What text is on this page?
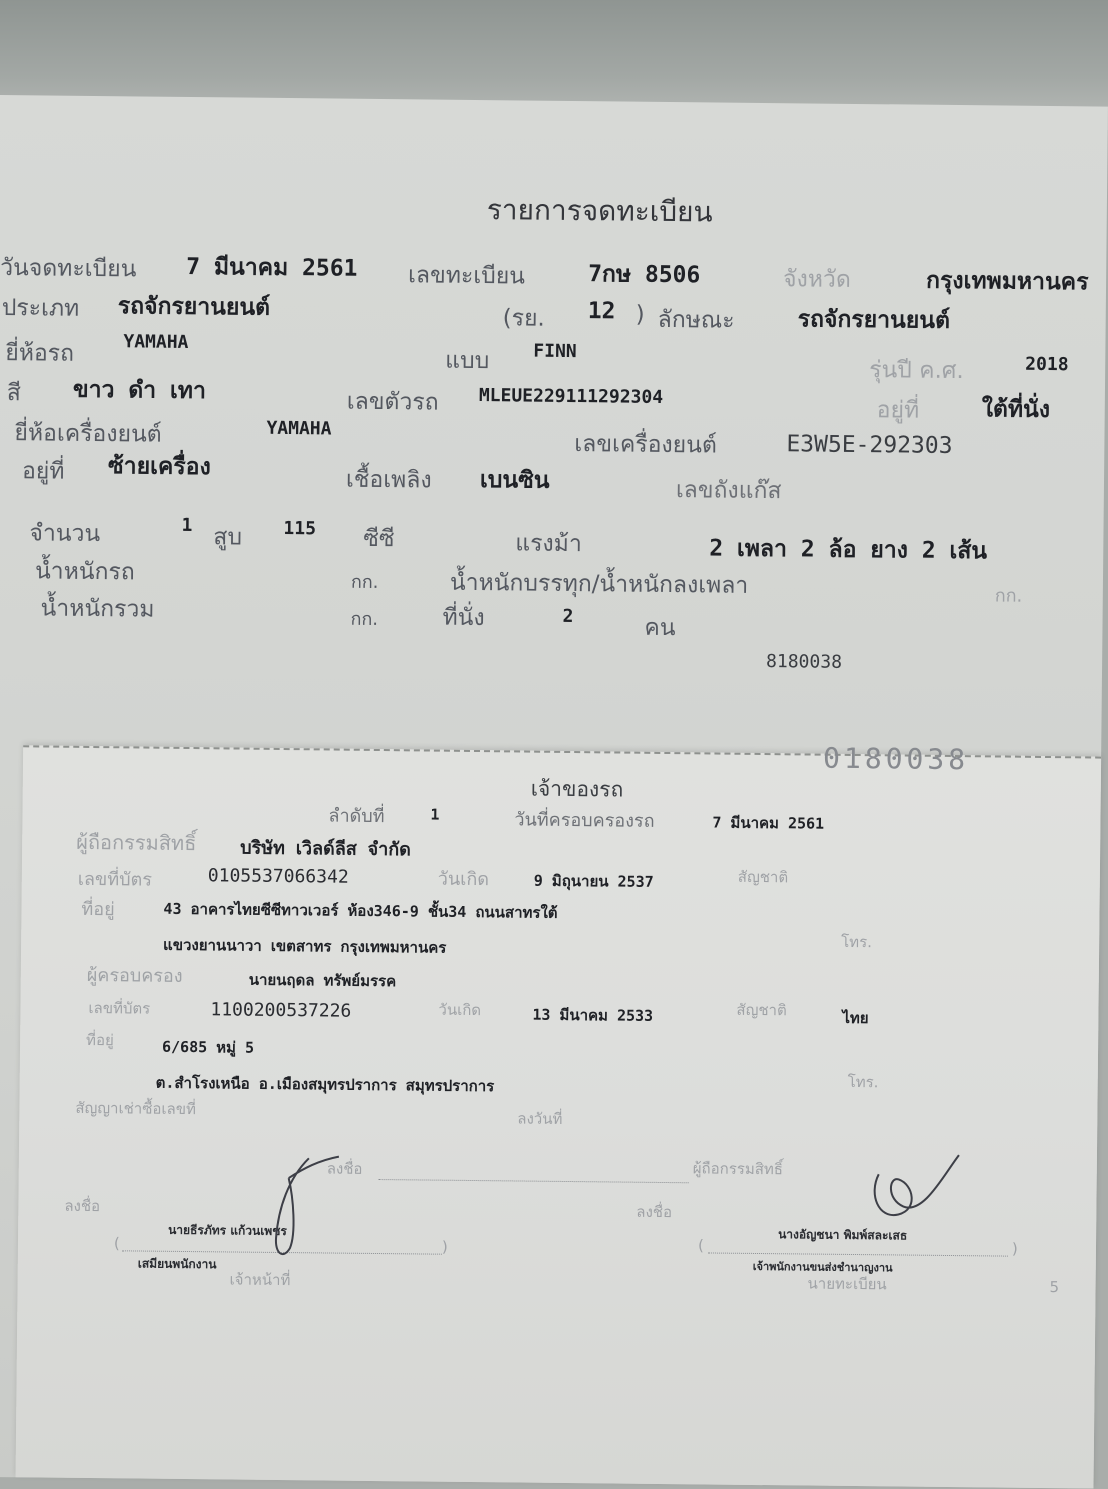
รายการจดทะเบียน
วันจดทะเบียน 7 มีนาคม 2561 เลขทะเบียน	7กษ 8506	จังหวัด	กรุงเทพมหานคร
ประเภท รถจักรยานยนต์	(รย. 12 ) ลักษณะ	รถจักรยานยนต์
ยี่ห้อรถ	YAMAHA
แบบ FINN
รุ่นปี ค.ศ.	2018
สี ขาว ดำ เทา	เลขตัวรถ MLEUE229111292304
อยู่ที่	ใต้ที่นั่ง
ยี่ห้อเครื่องยนต์	YAMAHA
เลขเครื่องยนต์	E3W5E-292303
อยู่ที่ ซ้ายเครื่อง	เชื้อเพลิง เบนซิน	เลขถังแก๊ส
จำนวน	1 สูบ 115 ซีซี	แรงม้า	2 เพลา 2 ล้อ ยาง 2 เส้น
น้ำหนักรถ	กก.	น้ำหนักบรรทุก/น้ำหนักลงเพลา	กก.
น้ำหนักรวม	กก.	ที่นั่ง	2	คน
8180038
0180038
เจ้าของรถ
ลำดับที่	1	วันที่ครอบครองรถ	7 มีนาคม 2561
ผู้ถือกรรมสิทธิ์ บริษัท เวิลด์ลีส จำกัด
เลขที่บัตร	0105537066342	วันเกิด	9 มิถุนายน 2537	สัญชาติ
ที่อยู่	43 อาคารไทยซีซีทาวเวอร์ ห้อง346-9 ชั้น34 ถนนสาทรใต้
แขวงยานนาวา เขตสาทร กรุงเทพมหานคร	โทร.
ผู้ครอบครอง	นายนฤดล ทรัพย์มรรค
เลขที่บัตร	1100200537226	วันเกิด	13 มีนาคม 2533	สัญชาติ	ไทย
ที่อยู่	6/685 หมู่ 5
ต.สำโรงเหนือ อ.เมืองสมุทรปราการ สมุทรปราการ	โทร.
สัญญาเช่าซื้อเลขที่
ลงวันที่
ลงชื่อ	ผู้ถือกรรมสิทธิ์
ลงชื่อ	ลงชื่อ
นายธีรภัทร แก้วนเพชร
(	)
เสมียนพนักงาน
เจ้าหน้าที่
นางอัญชนา พิมพ์สละเสธ
(	)
เจ้าพนักงานขนส่งชำนาญงาน
นายทะเบียน	5
